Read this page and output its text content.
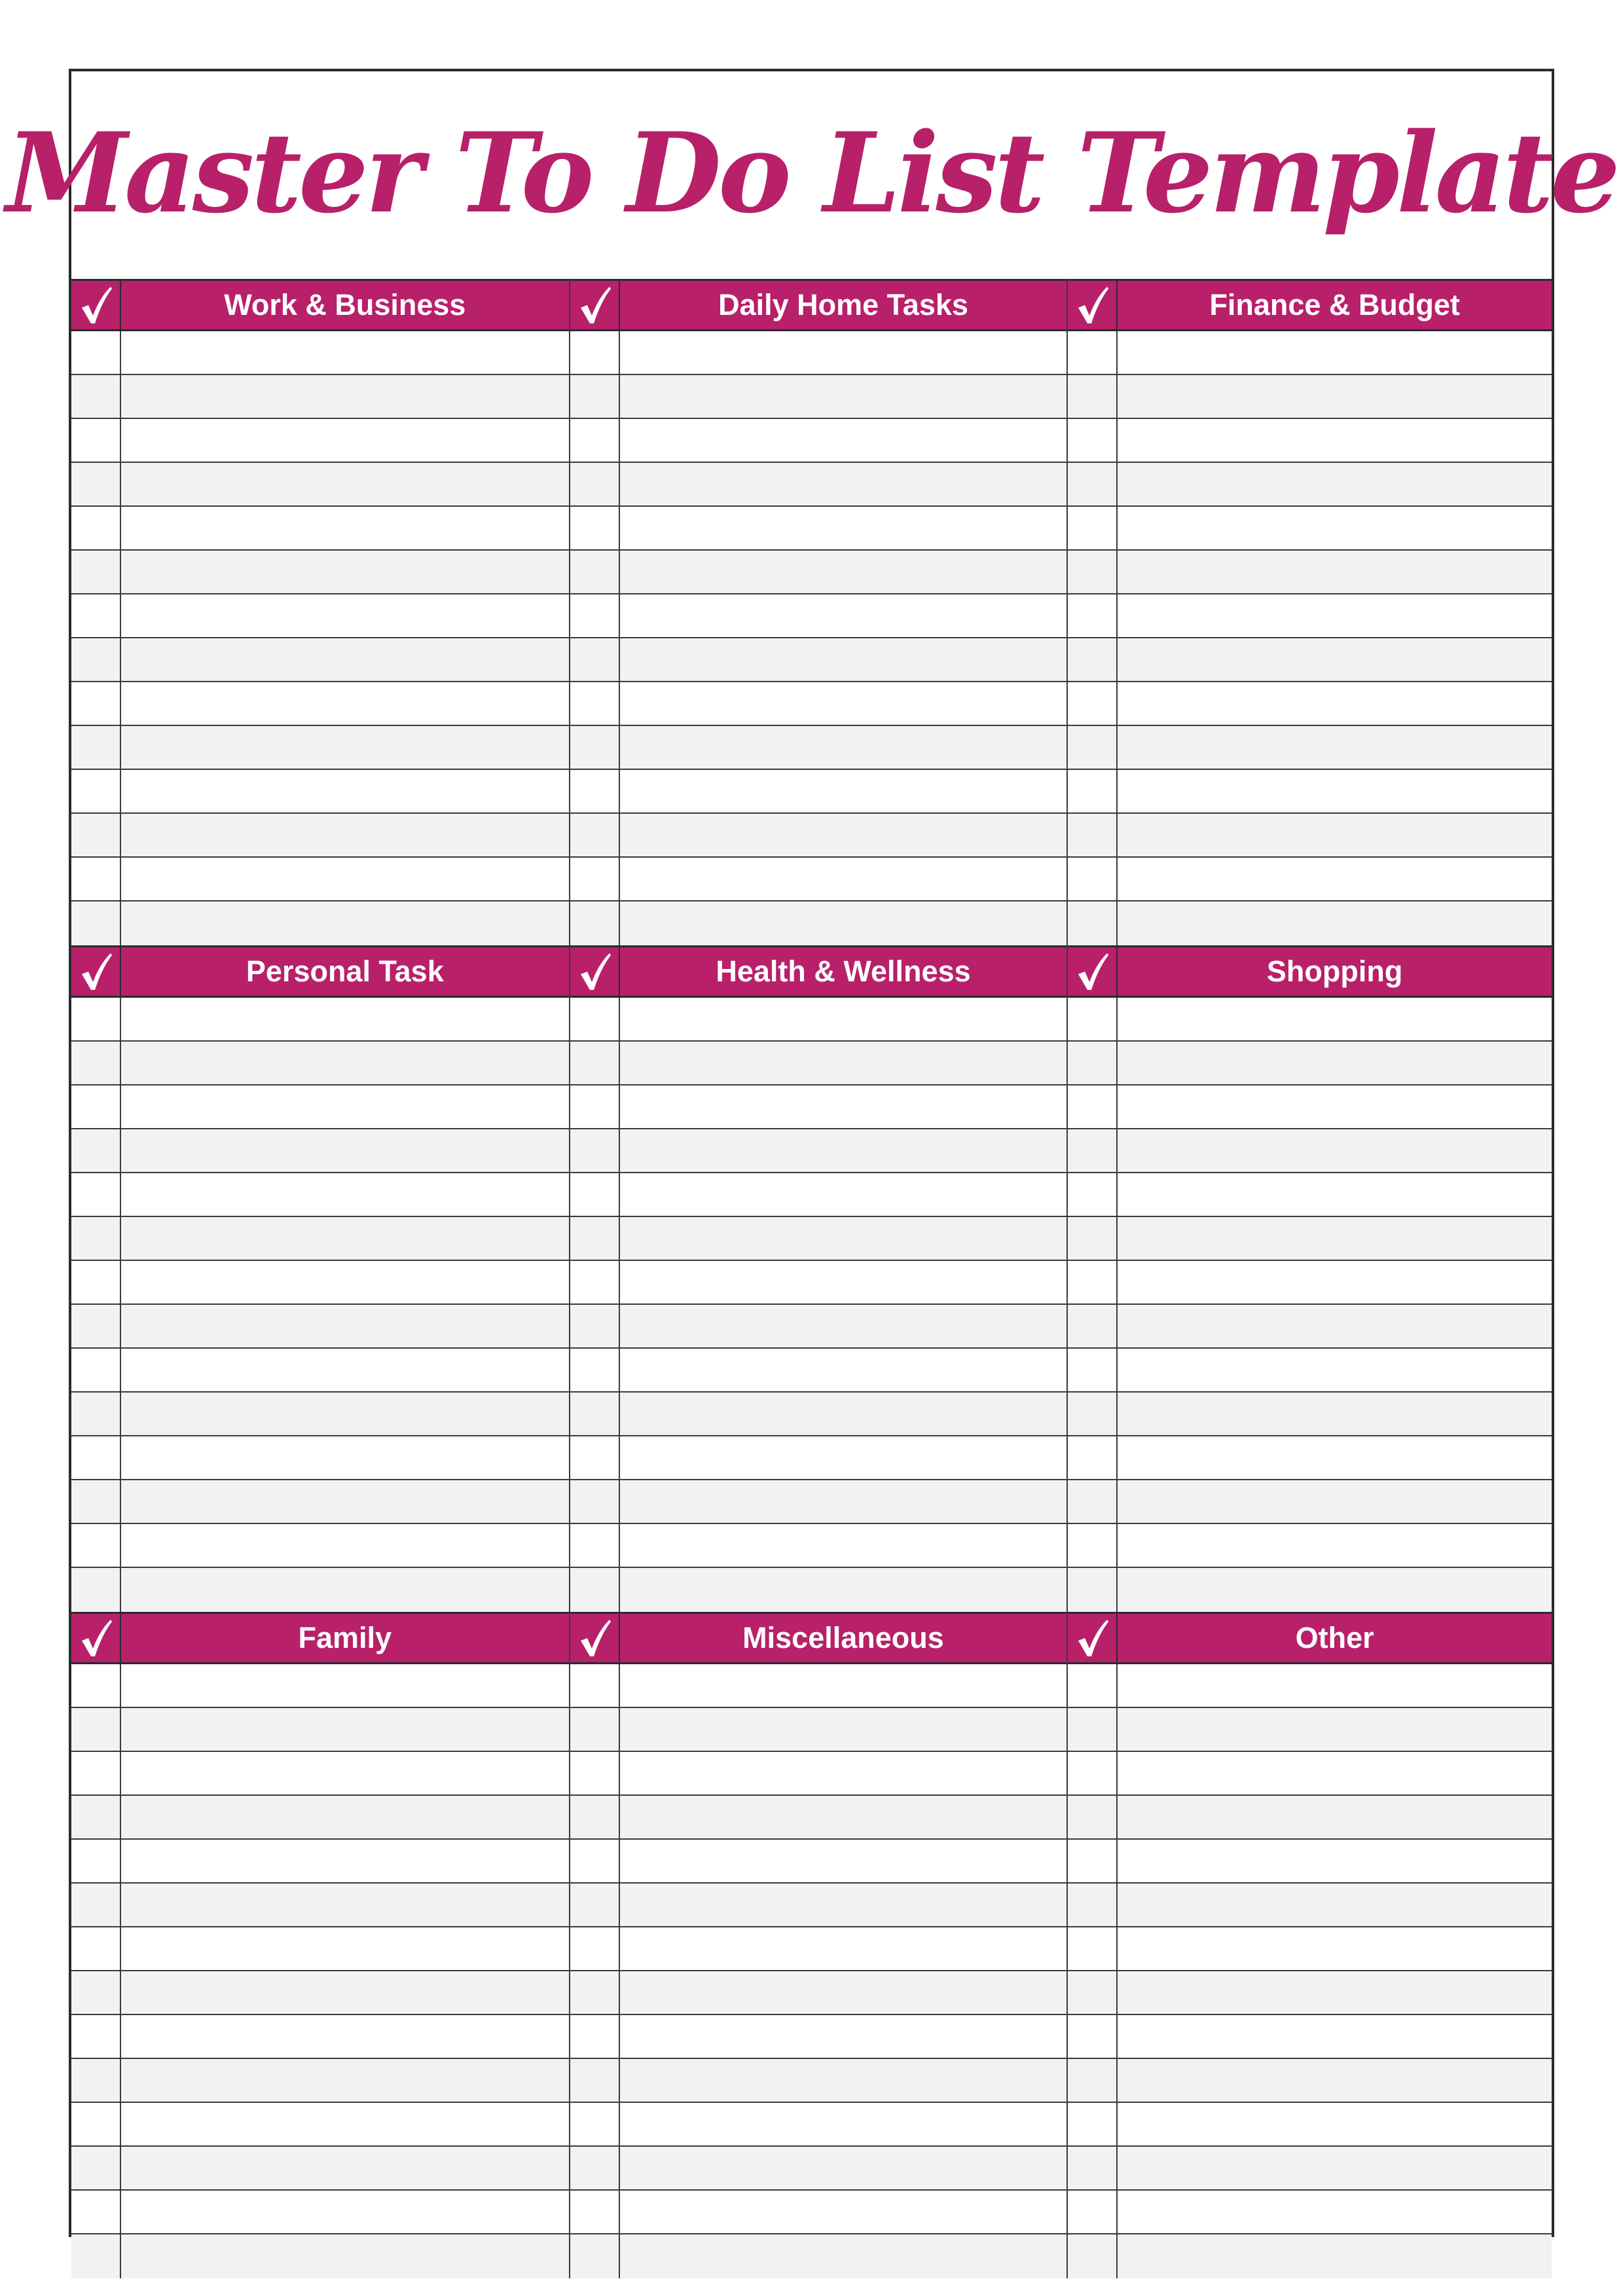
Master To Do List Template
Work & Business	Daily Home Tasks	Finance & Budget
Personal Task	Health & Wellness	Shopping
Family	Miscellaneous	Other
